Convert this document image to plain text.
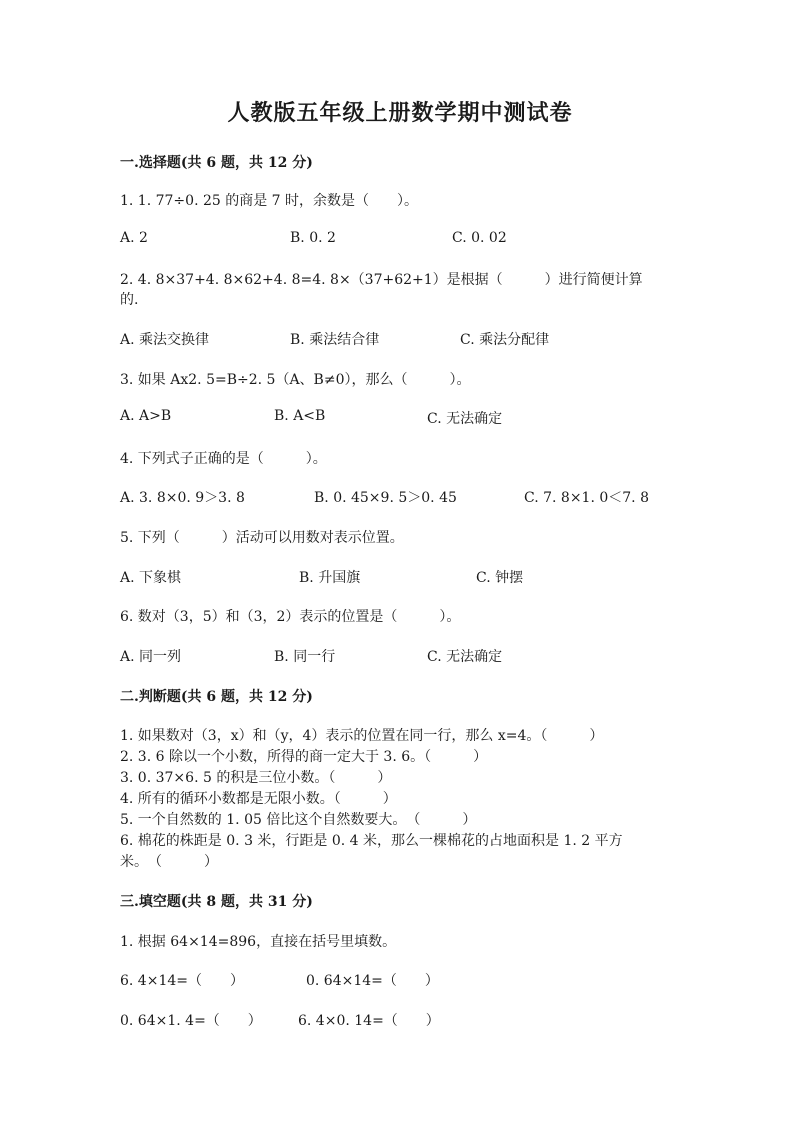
人教版五年级上册数学期中测试卷
一.选择题(共 6 题，共 12 分)
1. 1. 77÷0. 25 的商是 7 时，余数是（　　）。
A. 2	B. 0. 2	C. 0. 02
2. 4. 8×37+4. 8×62+4. 8=4. 8×（37+62+1）是根据（　　　）进行简便计算
的.
A. 乘法交换律	B. 乘法结合律	C. 乘法分配律
3. 如果 Ax2. 5=B÷2. 5（A、B≠0），那么（　　　）。
A. A>B	B. A<B	C. 无法确定
4. 下列式子正确的是（　　　）。
A. 3. 8×0. 9＞3. 8	B. 0. 45×9. 5＞0. 45	C. 7. 8×1. 0＜7. 8
5. 下列（　　　）活动可以用数对表示位置。
A. 下象棋	B. 升国旗	C. 钟摆
6. 数对（3，5）和（3，2）表示的位置是（　　　）。
A. 同一列	B. 同一行	C. 无法确定
二.判断题(共 6 题，共 12 分)
1. 如果数对（3，x）和（y，4）表示的位置在同一行，那么 x=4。（　　　）
2. 3. 6 除以一个小数，所得的商一定大于 3. 6。（　　　）
3. 0. 37×6. 5 的积是三位小数。（　　　）
4. 所有的循环小数都是无限小数。（　　　）
5. 一个自然数的 1. 05 倍比这个自然数要大。　（　　　）
6. 棉花的株距是 0. 3 米，行距是 0. 4 米，那么一棵棉花的占地面积是 1. 2 平方
米。　（　　　）
三.填空题(共 8 题，共 31 分)
1. 根据 64×14=896，直接在括号里填数。
6. 4×14=（　　）	0. 64×14=（　　）
0. 64×1. 4=（　　）	6. 4×0. 14=（　　）
